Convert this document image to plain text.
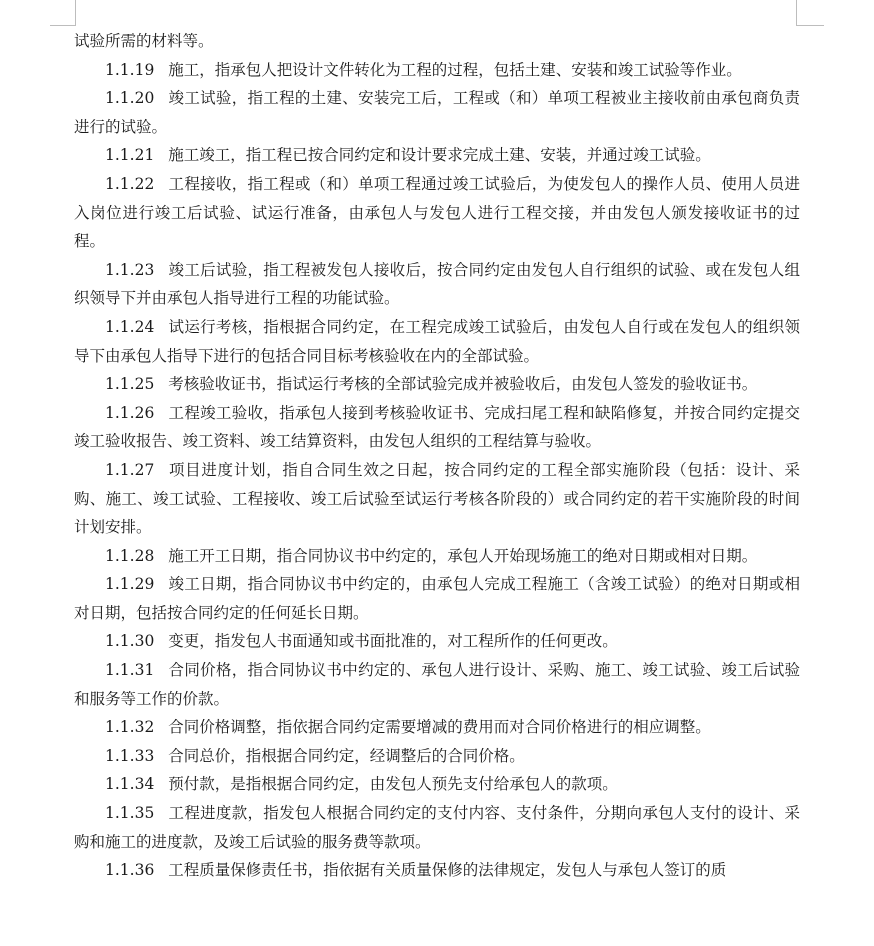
试验所需的材料等。

1.1.19 施工，指承包人把设计文件转化为工程的过程，包括土建、安装和竣工试验等作业。

1.1.20 竣工试验，指工程的土建、安装完工后，工程或（和）单项工程被业主接收前由承包商负责进行的试验。

1.1.21 施工竣工，指工程已按合同约定和设计要求完成土建、安装，并通过竣工试验。

1.1.22 工程接收，指工程或（和）单项工程通过竣工试验后，为使发包人的操作人员、使用人员进入岗位进行竣工后试验、试运行准备，由承包人与发包人进行工程交接，并由发包人颁发接收证书的过程。

1.1.23 竣工后试验，指工程被发包人接收后，按合同约定由发包人自行组织的试验、或在发包人组织领导下并由承包人指导进行工程的功能试验。

1.1.24 试运行考核，指根据合同约定，在工程完成竣工试验后，由发包人自行或在发包人的组织领导下由承包人指导下进行的包括合同目标考核验收在内的全部试验。

1.1.25 考核验收证书，指试运行考核的全部试验完成并被验收后，由发包人签发的验收证书。

1.1.26 工程竣工验收，指承包人接到考核验收证书、完成扫尾工程和缺陷修复，并按合同约定提交竣工验收报告、竣工资料、竣工结算资料，由发包人组织的工程结算与验收。

1.1.27 项目进度计划，指自合同生效之日起，按合同约定的工程全部实施阶段（包括：设计、采购、施工、竣工试验、工程接收、竣工后试验至试运行考核各阶段的）或合同约定的若干实施阶段的时间计划安排。

1.1.28 施工开工日期，指合同协议书中约定的，承包人开始现场施工的绝对日期或相对日期。

1.1.29 竣工日期，指合同协议书中约定的，由承包人完成工程施工（含竣工试验）的绝对日期或相对日期，包括按合同约定的任何延长日期。

1.1.30 变更，指发包人书面通知或书面批准的，对工程所作的任何更改。

1.1.31 合同价格，指合同协议书中约定的、承包人进行设计、采购、施工、竣工试验、竣工后试验和服务等工作的价款。

1.1.32 合同价格调整，指依据合同约定需要增减的费用而对合同价格进行的相应调整。

1.1.33 合同总价，指根据合同约定，经调整后的合同价格。

1.1.34 预付款，是指根据合同约定，由发包人预先支付给承包人的款项。

1.1.35 工程进度款，指发包人根据合同约定的支付内容、支付条件，分期向承包人支付的设计、采购和施工的进度款，及竣工后试验的服务费等款项。

1.1.36 工程质量保修责任书，指依据有关质量保修的法律规定，发包人与承包人签订的质
